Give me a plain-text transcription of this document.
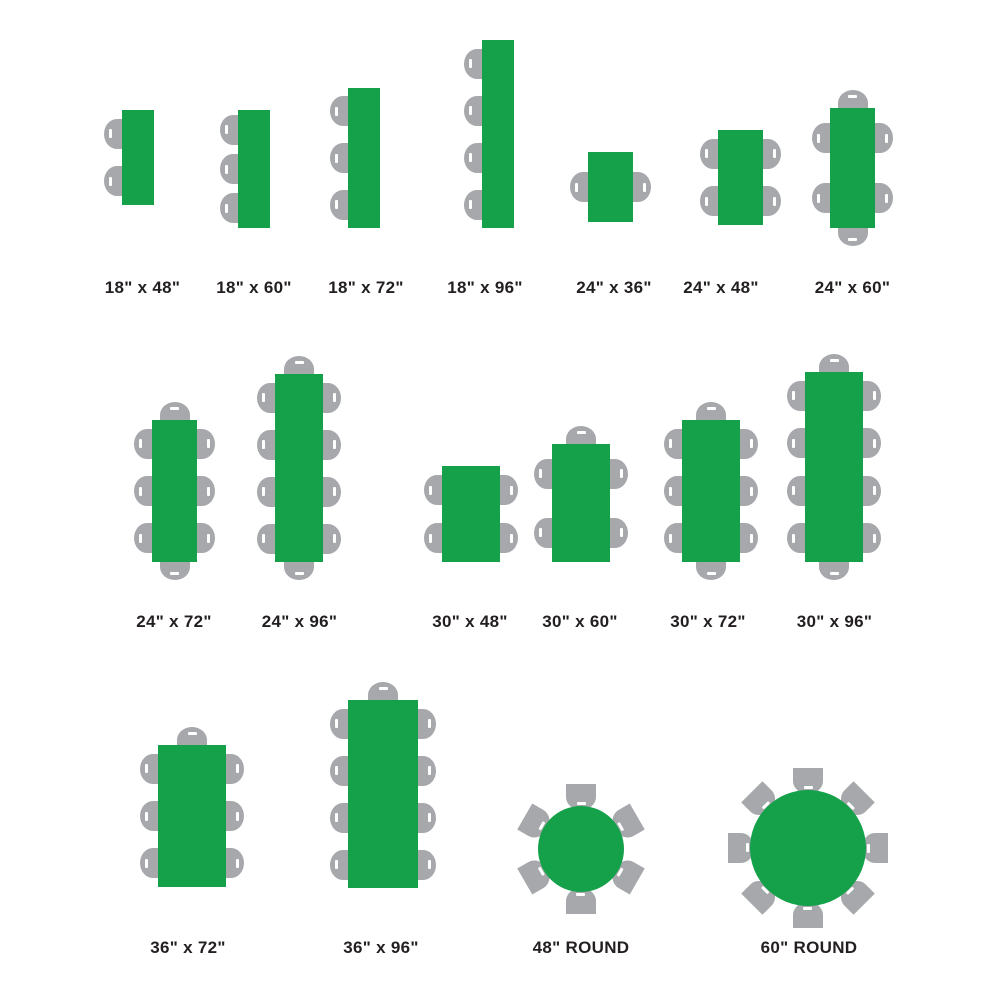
18" x 48"	18" x 60"	18" x 72"	18" x 96"	24" x 36"	24" x 48"	24" x 60"
24" x 72"	24" x 96"	30" x 48"	30" x 60"	30" x 72"	30" x 96"
36" x 72"	36" x 96"	48" ROUND	60" ROUND
